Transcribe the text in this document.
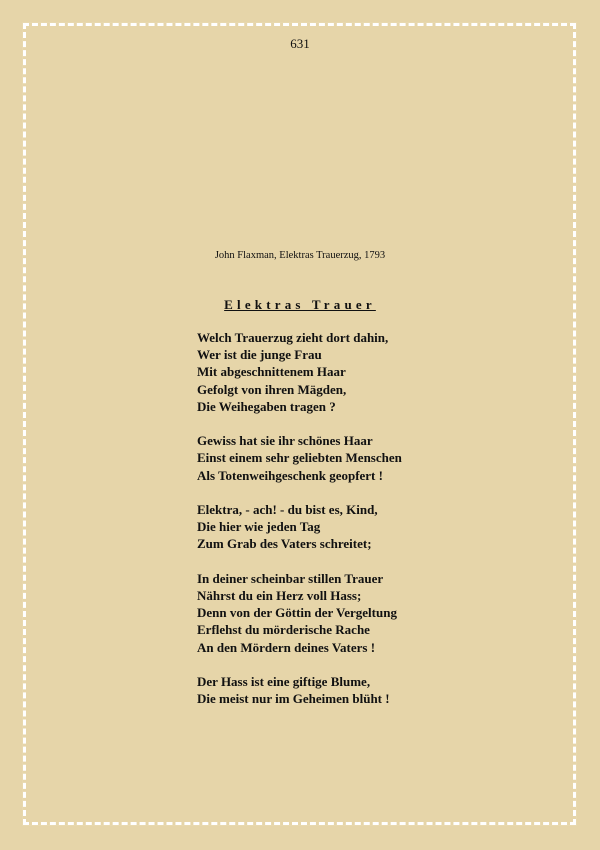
631
John Flaxman, Elektras Trauerzug, 1793
Elektras Trauer
Welch Trauerzug zieht dort dahin,
Wer ist die junge Frau
Mit abgeschnittenem Haar
Gefolgt von ihren Mägden,
Die Weihegaben tragen ?
Gewiss hat sie ihr schönes Haar
Einst einem sehr geliebten Menschen
Als Totenweihgeschenk geopfert !
Elektra, - ach! - du bist es, Kind,
Die hier wie jeden Tag
Zum Grab des Vaters schreitet;
In deiner scheinbar stillen Trauer
Nährst du ein Herz voll Hass;
Denn von der Göttin der Vergeltung
Erflehst du mörderische Rache
An den Mördern deines Vaters !
Der Hass ist eine giftige Blume,
Die meist nur im Geheimen blüht !
